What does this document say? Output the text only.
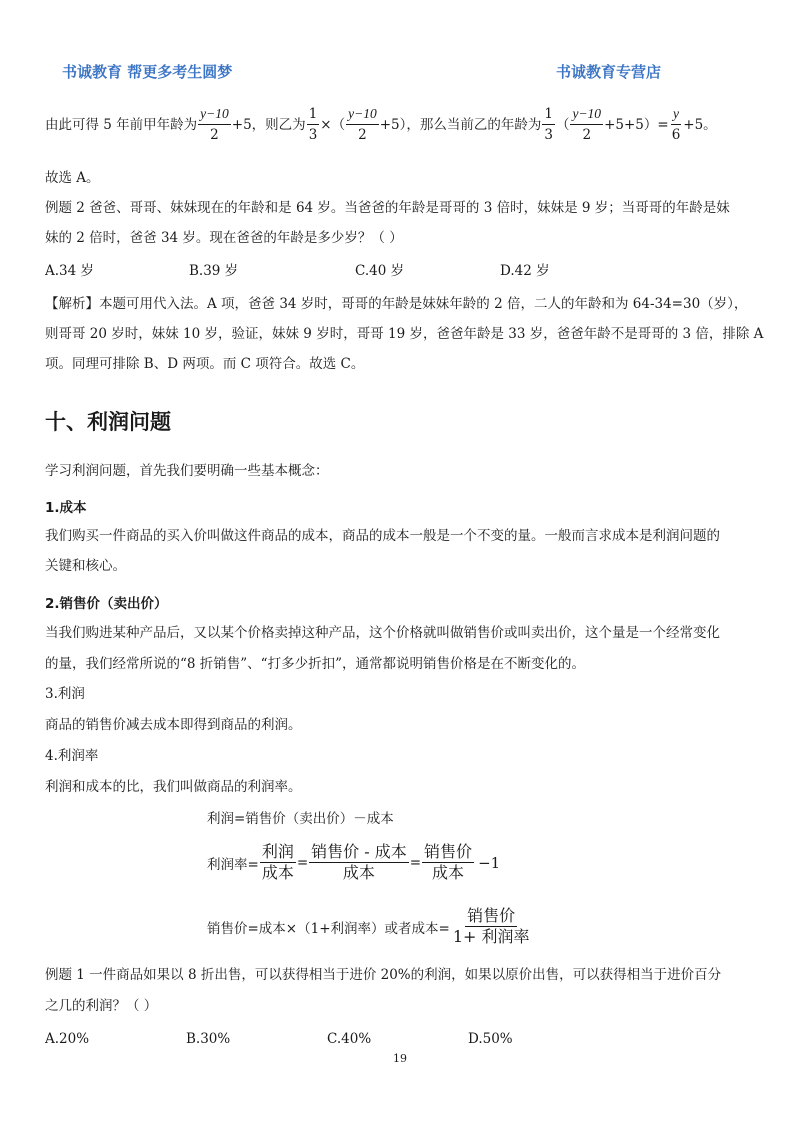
书诚教育 帮更多考生圆梦	书诚教育专营店
由此可得 5 年前甲年龄为 $\frac{y-10}{2} +5$，则乙为 $\frac{1}{3}$ ×（ $\frac{y-10}{2} +5$），那么当前乙的年龄为 $\frac{1}{3}$ （ $\frac{y-10}{2} +5+5)= \frac{y}{6} +5$。
故选 A。
例题 2 爸爸、哥哥、妹妹现在的年龄和是 64 岁。当爸爸的年龄是哥哥的 3 倍时，妹妹是 9 岁；当哥哥的年龄是妹
妹的 2 倍时，爸爸 34 岁。现在爸爸的年龄是多少岁？（ ）
A.34 岁	B.39 岁	C.40 岁	D.42 岁
【解析】本题可用代入法。A 项，爸爸 34 岁时，哥哥的年龄是妹妹年龄的 2 倍，二人的年龄和为 64-34=30（岁），
则哥哥 20 岁时，妹妹 10 岁，验证，妹妹 9 岁时，哥哥 19 岁，爸爸年龄是 33 岁，爸爸年龄不是哥哥的 3 倍，排除 A
项。同理可排除 B、D 两项。而 C 项符合。故选 C。
十、利润问题
学习利润问题，首先我们要明确一些基本概念：
1.成本
我们购买一件商品的买入价叫做这件商品的成本，商品的成本一般是一个不变的量。一般而言求成本是利润问题的
关键和核心。
2.销售价（卖出价）
当我们购进某种产品后，又以某个价格卖掉这种产品，这个价格就叫做销售价或叫卖出价，这个量是一个经常变化
的量，我们经常所说的“8 折销售”、“打多少折扣”，通常都说明销售价格是在不断变化的。
3.利润
商品的销售价减去成本即得到商品的利润。
4.利润率
利润和成本的比，我们叫做商品的利润率。
利润=销售价（卖出价）－成本
利润率= $\frac{\text{利润}}{\text{成本}} = \frac{\text{销售价 - 成本}}{\text{成本}} = \frac{\text{销售价}}{\text{成本}} -1$
销售价=成本×（1+利润率）或者成本= $\frac{\text{销售价}}{\text{1+ 利润率}}$
例题 1 一件商品如果以 8 折出售，可以获得相当于进价 20%的利润，如果以原价出售，可以获得相当于进价百分
之几的利润？（ ）
A.20%	B.30%	C.40%	D.50%
19
